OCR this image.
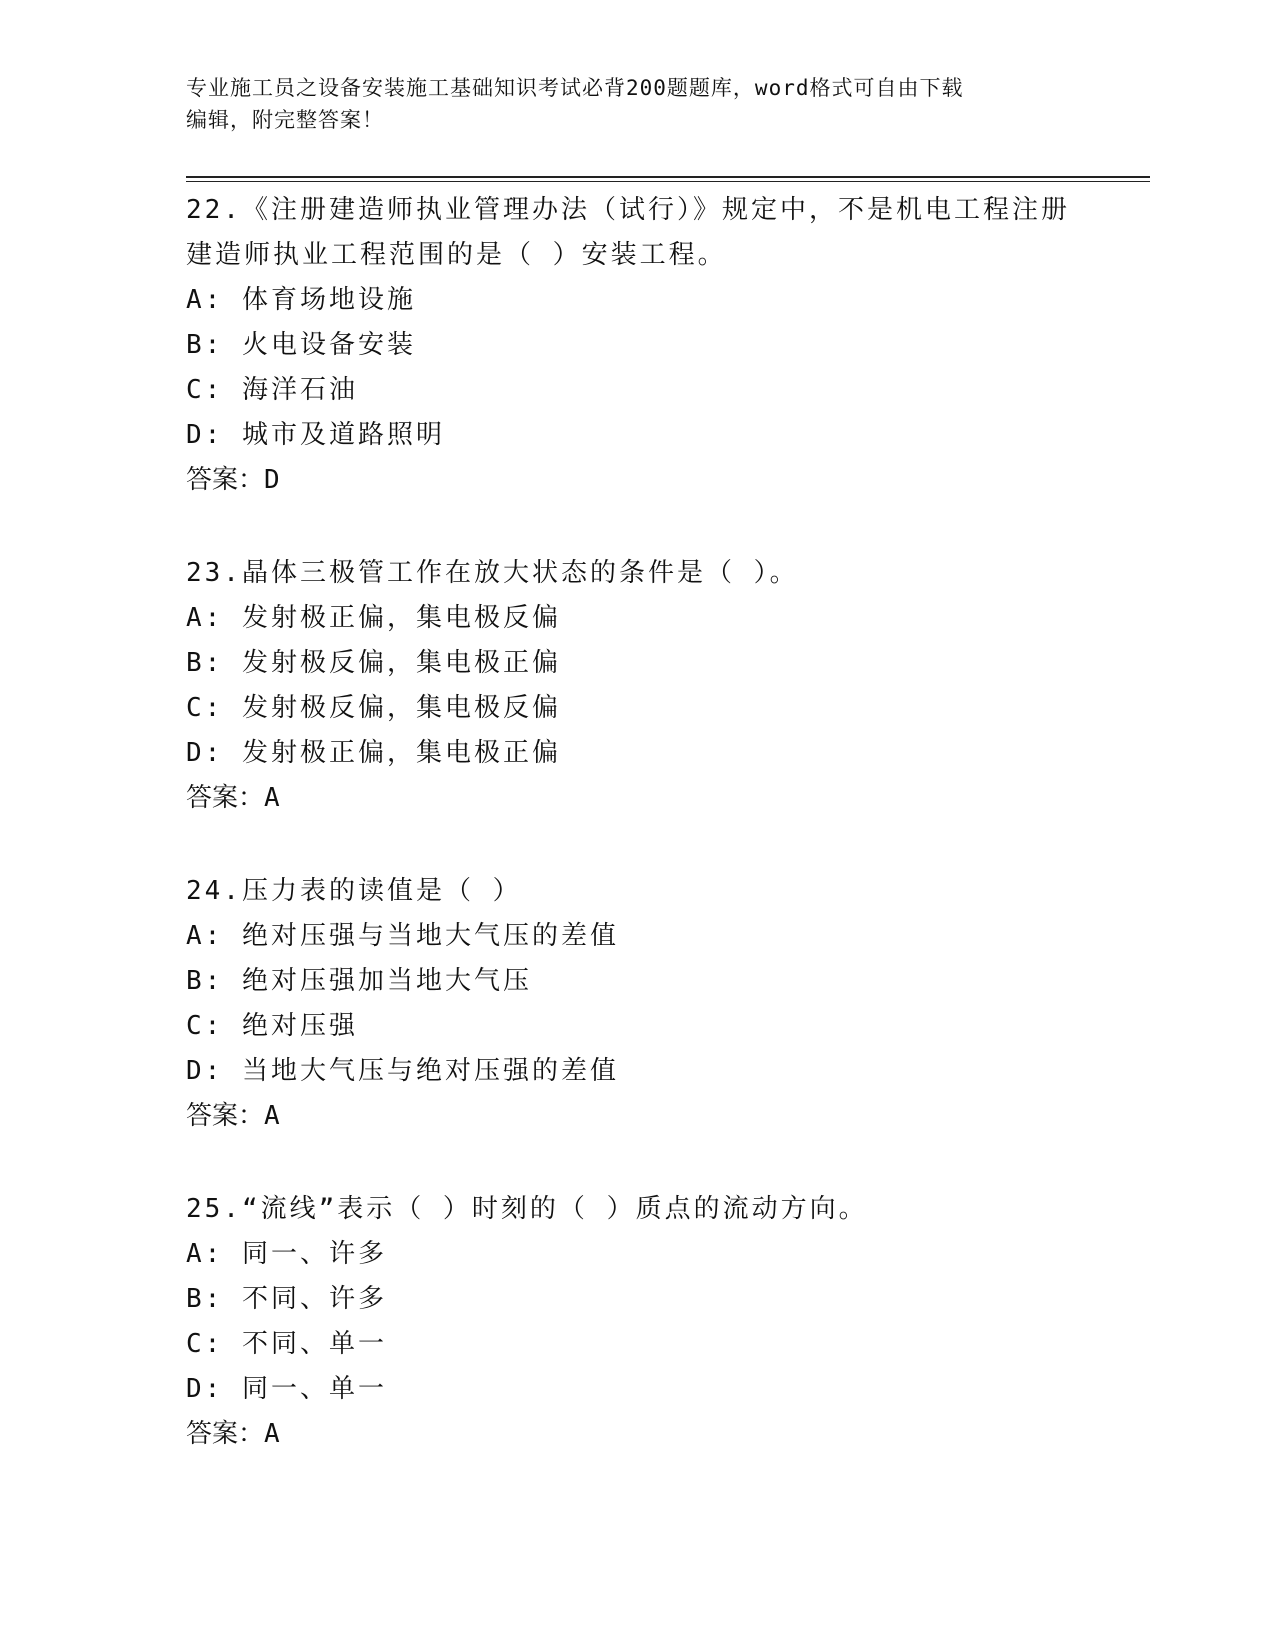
专业施工员之设备安装施工基础知识考试必背200题题库，word格式可自由下载
编辑，附完整答案！

22.《注册建造师执业管理办法（试行）》规定中，不是机电工程注册

建造师执业工程范围的是（ ）安装工程。

A: 体育场地设施

B: 火电设备安装

C: 海洋石油

D: 城市及道路照明

答案：D

23.晶体三极管工作在放大状态的条件是（ ）。

A: 发射极正偏，集电极反偏

B: 发射极反偏，集电极正偏

C: 发射极反偏，集电极反偏

D: 发射极正偏，集电极正偏

答案：A

24.压力表的读值是（ ）

A: 绝对压强与当地大气压的差值

B: 绝对压强加当地大气压

C: 绝对压强

D: 当地大气压与绝对压强的差值

答案：A

25.“流线”表示（ ）时刻的（ ）质点的流动方向。

A: 同一、许多

B: 不同、许多

C: 不同、单一

D: 同一、单一

答案：A
